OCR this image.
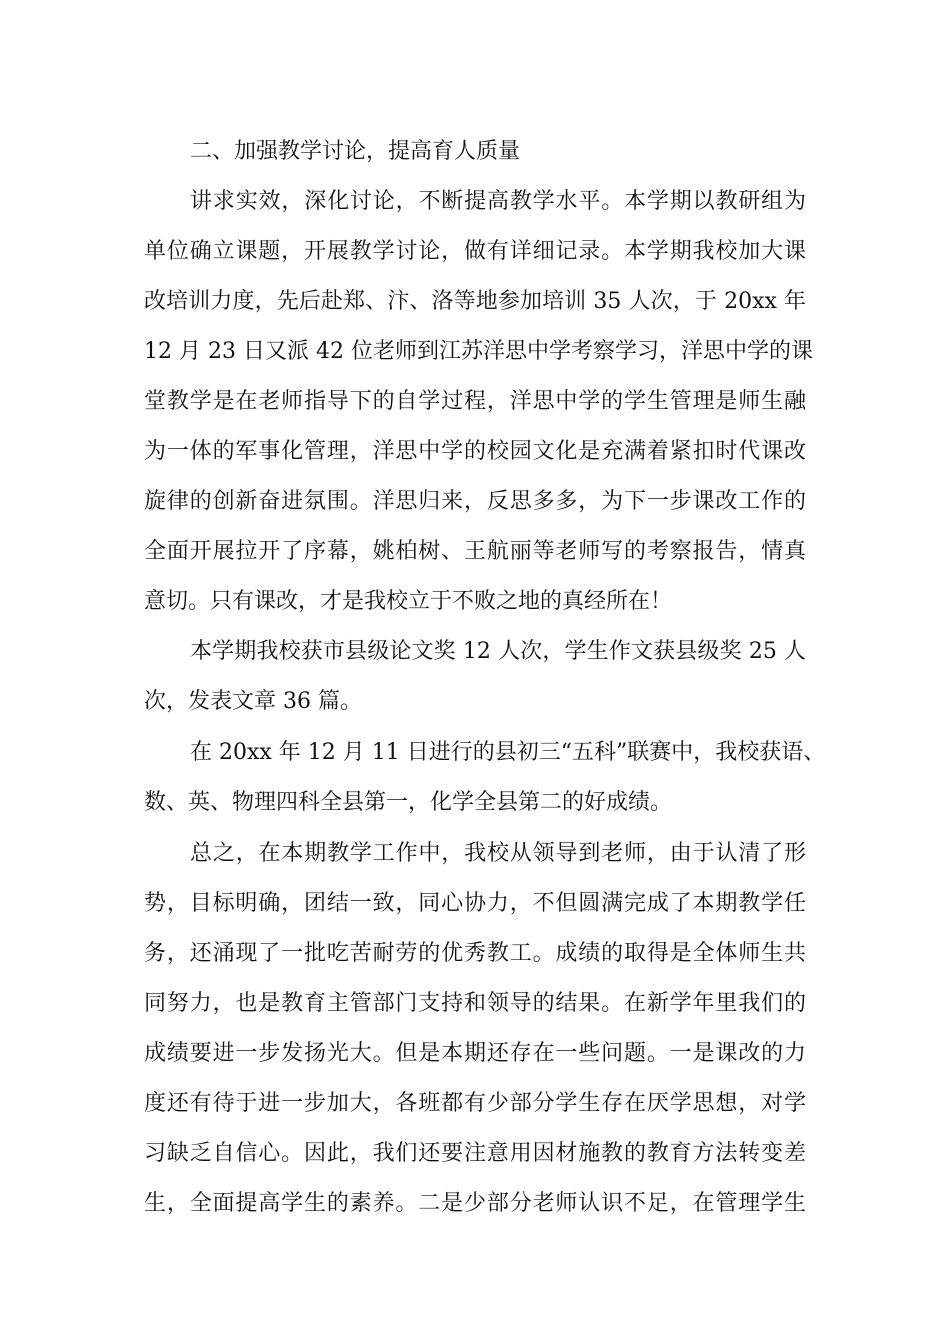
二、加强教学讨论，提高育人质量
讲求实效，深化讨论，不断提高教学水平。本学期以教研组为
单位确立课题，开展教学讨论，做有详细记录。本学期我校加大课
改培训力度，先后赴郑、汴、洛等地参加培训 35 人次，于 20xx 年
12 月 23 日又派 42 位老师到江苏洋思中学考察学习，洋思中学的课
堂教学是在老师指导下的自学过程，洋思中学的学生管理是师生融
为一体的军事化管理，洋思中学的校园文化是充满着紧扣时代课改
旋律的创新奋进氛围。洋思归来，反思多多，为下一步课改工作的
全面开展拉开了序幕，姚柏树、王航丽等老师写的考察报告，情真
意切。只有课改，才是我校立于不败之地的真经所在！
本学期我校获市县级论文奖 12 人次，学生作文获县级奖 25 人
次，发表文章 36 篇。
在 20xx 年 12 月 11 日进行的县初三“五科”联赛中，我校获语、
数、英、物理四科全县第一，化学全县第二的好成绩。
总之，在本期教学工作中，我校从领导到老师，由于认清了形
势，目标明确，团结一致，同心协力，不但圆满完成了本期教学任
务，还涌现了一批吃苦耐劳的优秀教工。成绩的取得是全体师生共
同努力，也是教育主管部门支持和领导的结果。在新学年里我们的
成绩要进一步发扬光大。但是本期还存在一些问题。一是课改的力
度还有待于进一步加大，各班都有少部分学生存在厌学思想，对学
习缺乏自信心。因此，我们还要注意用因材施教的教育方法转变差
生，全面提高学生的素养。二是少部分老师认识不足，在管理学生
